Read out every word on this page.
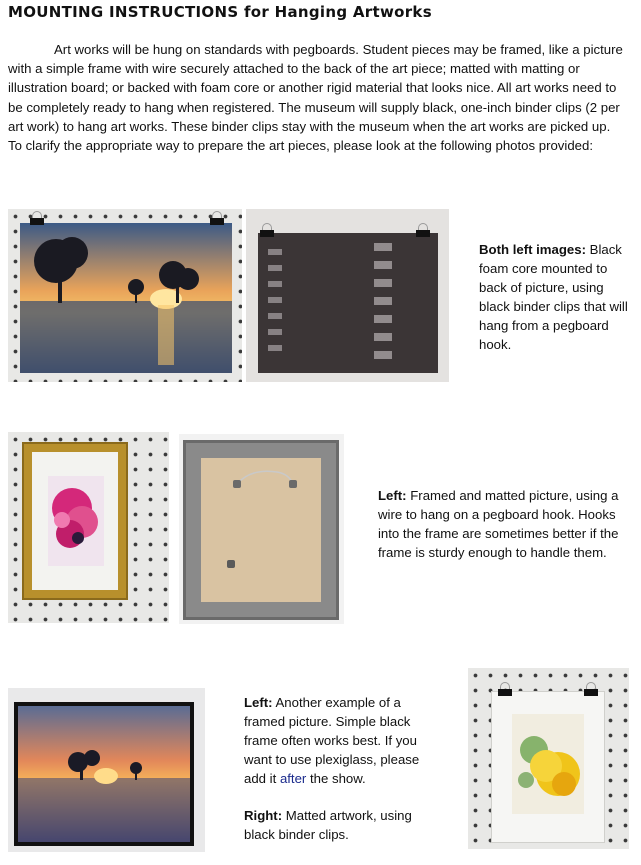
MOUNTING INSTRUCTIONS for Hanging Artworks
Art works will be hung on standards with pegboards. Student pieces may be framed, like a picture with a simple frame with wire securely attached to the back of the art piece; matted with matting or illustration board; or backed with foam core or another rigid material that looks nice. All art works need to be completely ready to hang when registered. The museum will supply black, one-inch binder clips (2 per art work) to hang art works. These binder clips stay with the museum when the art works are picked up. To clarify the appropriate way to prepare the art pieces, please look at the following photos provided:
Both left images: Black foam core mounted to back of picture, using black binder clips that will hang from a pegboard hook.
Left: Framed and matted picture, using a wire to hang on a pegboard hook. Hooks into the frame are sometimes better if the frame is sturdy enough to handle them.
Left: Another example of a framed picture. Simple black frame often works best. If you want to use plexiglass, please add it after the show.
Right: Matted artwork, using black binder clips.
